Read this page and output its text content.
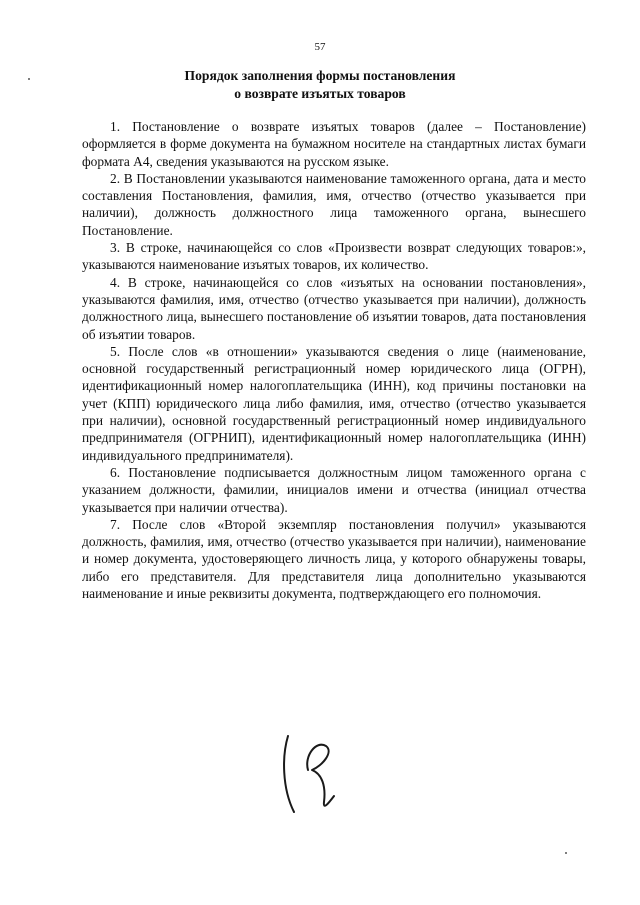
57
Порядок заполнения формы постановления
о возврате изъятых товаров

1. Постановление о возврате изъятых товаров (далее – Постановление) оформляется в форме документа на бумажном носителе на стандартных листах бумаги формата А4, сведения указываются на русском языке.

2. В Постановлении указываются наименование таможенного органа, дата и место составления Постановления, фамилия, имя, отчество (отчество указывается при наличии), должность должностного лица таможенного органа, вынесшего Постановление.

3. В строке, начинающейся со слов «Произвести возврат следующих товаров:», указываются наименование изъятых товаров, их количество.

4. В строке, начинающейся со слов «изъятых на основании постановления», указываются фамилия, имя, отчество (отчество указывается при наличии), должность должностного лица, вынесшего постановление об изъятии товаров, дата постановления об изъятии товаров.

5. После слов «в отношении» указываются сведения о лице (наименование, основной государственный регистрационный номер юридического лица (ОГРН), идентификационный номер налогоплательщика (ИНН), код причины постановки на учет (КПП) юридического лица либо фамилия, имя, отчество (отчество указывается при наличии), основной государственный регистрационный номер индивидуального предпринимателя (ОГРНИП), идентификационный номер налогоплательщика (ИНН) индивидуального предпринимателя).

6. Постановление подписывается должностным лицом таможенного органа с указанием должности, фамилии, инициалов имени и отчества (инициал отчества указывается при наличии отчества).

7. После слов «Второй экземпляр постановления получил» указываются должность, фамилия, имя, отчество (отчество указывается при наличии), наименование и номер документа, удостоверяющего личность лица, у которого обнаружены товары, либо его представителя. Для представителя лица дополнительно указываются наименование и иные реквизиты документа, подтверждающего его полномочия.
